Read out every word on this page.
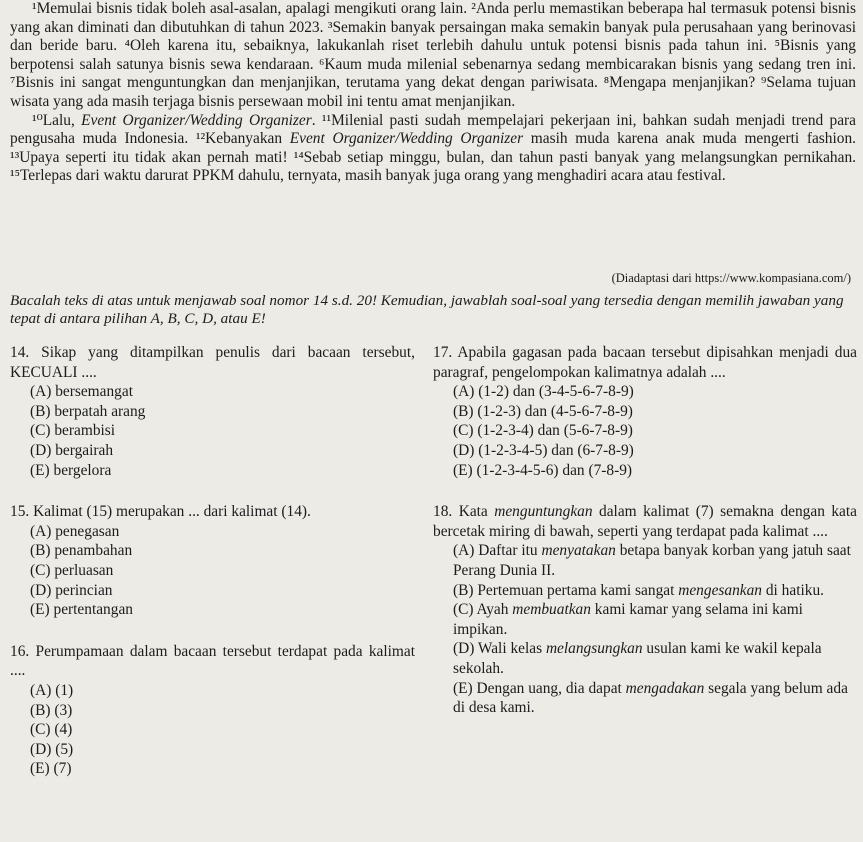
¹Memulai bisnis tidak boleh asal-asalan, apalagi mengikuti orang lain. ²Anda perlu memastikan beberapa hal termasuk potensi bisnis yang akan diminati dan dibutuhkan di tahun 2023. ³Semakin banyak persaingan maka semakin banyak pula perusahaan yang berinovasi dan beride baru. ⁴Oleh karena itu, sebaiknya, lakukanlah riset terlebih dahulu untuk potensi bisnis pada tahun ini. ⁵Bisnis yang berpotensi salah satunya bisnis sewa kendaraan. ⁶Kaum muda milenial sebenarnya sedang membicarakan bisnis yang sedang tren ini. ⁷Bisnis ini sangat menguntungkan dan menjanjikan, terutama yang dekat dengan pariwisata. ⁸Mengapa menjanjikan? ⁹Selama tujuan wisata yang ada masih terjaga bisnis persewaan mobil ini tentu amat menjanjikan.

¹⁰Lalu, Event Organizer/Wedding Organizer. ¹¹Milenial pasti sudah mempelajari pekerjaan ini, bahkan sudah menjadi trend para pengusaha muda Indonesia. ¹²Kebanyakan Event Organizer/Wedding Organizer masih muda karena anak muda mengerti fashion. ¹³Upaya seperti itu tidak akan pernah mati! ¹⁴Sebab setiap minggu, bulan, dan tahun pasti banyak yang melangsungkan pernikahan. ¹⁵Terlepas dari waktu darurat PPKM dahulu, ternyata, masih banyak juga orang yang menghadiri acara atau festival.

(Diadaptasi dari https://www.kompasiana.com/)
Bacalah teks di atas untuk menjawab soal nomor 14 s.d. 20! Kemudian, jawablah soal-soal yang tersedia dengan memilih jawaban yang tepat di antara pilihan A, B, C, D, atau E!
14. Sikap yang ditampilkan penulis dari bacaan tersebut, KECUALI ....
(A) bersemangat
(B) berpatah arang
(C) berambisi
(D) bergairah
(E) bergelora
15. Kalimat (15) merupakan ... dari kalimat (14).
(A) penegasan
(B) penambahan
(C) perluasan
(D) perincian
(E) pertentangan
16. Perumpamaan dalam bacaan tersebut terdapat pada kalimat ....
(A) (1)
(B) (3)
(C) (4)
(D) (5)
(E) (7)
17. Apabila gagasan pada bacaan tersebut dipisahkan menjadi dua paragraf, pengelompokan kalimatnya adalah ....
(A) (1-2) dan (3-4-5-6-7-8-9)
(B) (1-2-3) dan (4-5-6-7-8-9)
(C) (1-2-3-4) dan (5-6-7-8-9)
(D) (1-2-3-4-5) dan (6-7-8-9)
(E) (1-2-3-4-5-6) dan (7-8-9)
18. Kata menguntungkan dalam kalimat (7) semakna dengan kata bercetak miring di bawah, seperti yang terdapat pada kalimat ....
(A) Daftar itu menyatakan betapa banyak korban yang jatuh saat Perang Dunia II.
(B) Pertemuan pertama kami sangat mengesankan di hatiku.
(C) Ayah membuatkan kami kamar yang selama ini kami impikan.
(D) Wali kelas melangsungkan usulan kami ke wakil kepala sekolah.
(E) Dengan uang, dia dapat mengadakan segala yang belum ada di desa kami.
